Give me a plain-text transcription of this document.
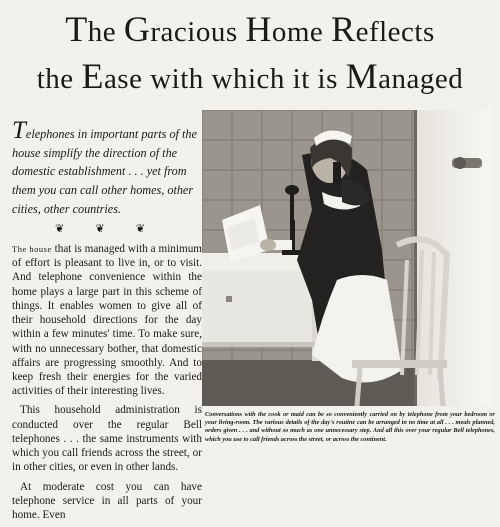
The Gracious Home Reflects
the Ease with which it is Managed
Telephones in important parts of the house simplify the direction of the domestic establishment . . . yet from them you can call other homes, other cities, other countries.
❦	❦	❦

The house that is managed with a minimum of effort is pleasant to live in, or to visit. And telephone convenience within the home plays a large part in this scheme of things. It enables women to give all of their household directions for the day within a few minutes' time. To make sure, with no unnecessary bother, that domestic affairs are progressing smoothly. And to keep fresh their energies for the varied activities of their interesting lives.

This household administration is conducted over the regular Bell telephones . . . the same instruments with which you call friends across the street, or in other cities, or even in other lands.

At moderate cost you can have telephone service in all parts of your home. Even

Conversations with the cook or maid can be so conveniently carried on by telephone from your bedroom or your living-room. The various details of the day's routine can be arranged in no time at all . . . meals planned, orders given . . . and without so much as one unnecessary step. And all this over your regular Bell telephones, which you use to call friends across the street, or across the continent.
